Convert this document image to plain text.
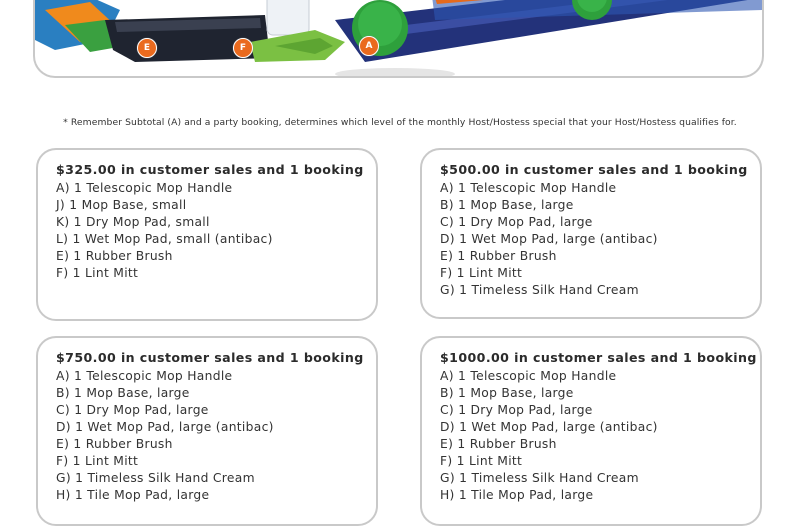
E	F	A
* Remember Subtotal (A) and a party booking, determines which level of the monthly Host/Hostess special that your Host/Hostess qualifies for.
$325.00 in customer sales and 1 booking
A) 1 Telescopic Mop Handle
J) 1 Mop Base, small
K) 1 Dry Mop Pad, small
L) 1 Wet Mop Pad, small (antibac)
E) 1 Rubber Brush
F) 1 Lint Mitt
$500.00 in customer sales and 1 booking
A) 1 Telescopic Mop Handle
B) 1 Mop Base, large
C) 1 Dry Mop Pad, large
D) 1 Wet Mop Pad, large (antibac)
E) 1 Rubber Brush
F) 1 Lint Mitt
G) 1 Timeless Silk Hand Cream
$750.00 in customer sales and 1 booking
A) 1 Telescopic Mop Handle
B) 1 Mop Base, large
C) 1 Dry Mop Pad, large
D) 1 Wet Mop Pad, large (antibac)
E) 1 Rubber Brush
F) 1 Lint Mitt
G) 1 Timeless Silk Hand Cream
H) 1 Tile Mop Pad, large
$1000.00 in customer sales and 1 booking
A) 1 Telescopic Mop Handle
B) 1 Mop Base, large
C) 1 Dry Mop Pad, large
D) 1 Wet Mop Pad, large (antibac)
E) 1 Rubber Brush
F) 1 Lint Mitt
G) 1 Timeless Silk Hand Cream
H) 1 Tile Mop Pad, large
